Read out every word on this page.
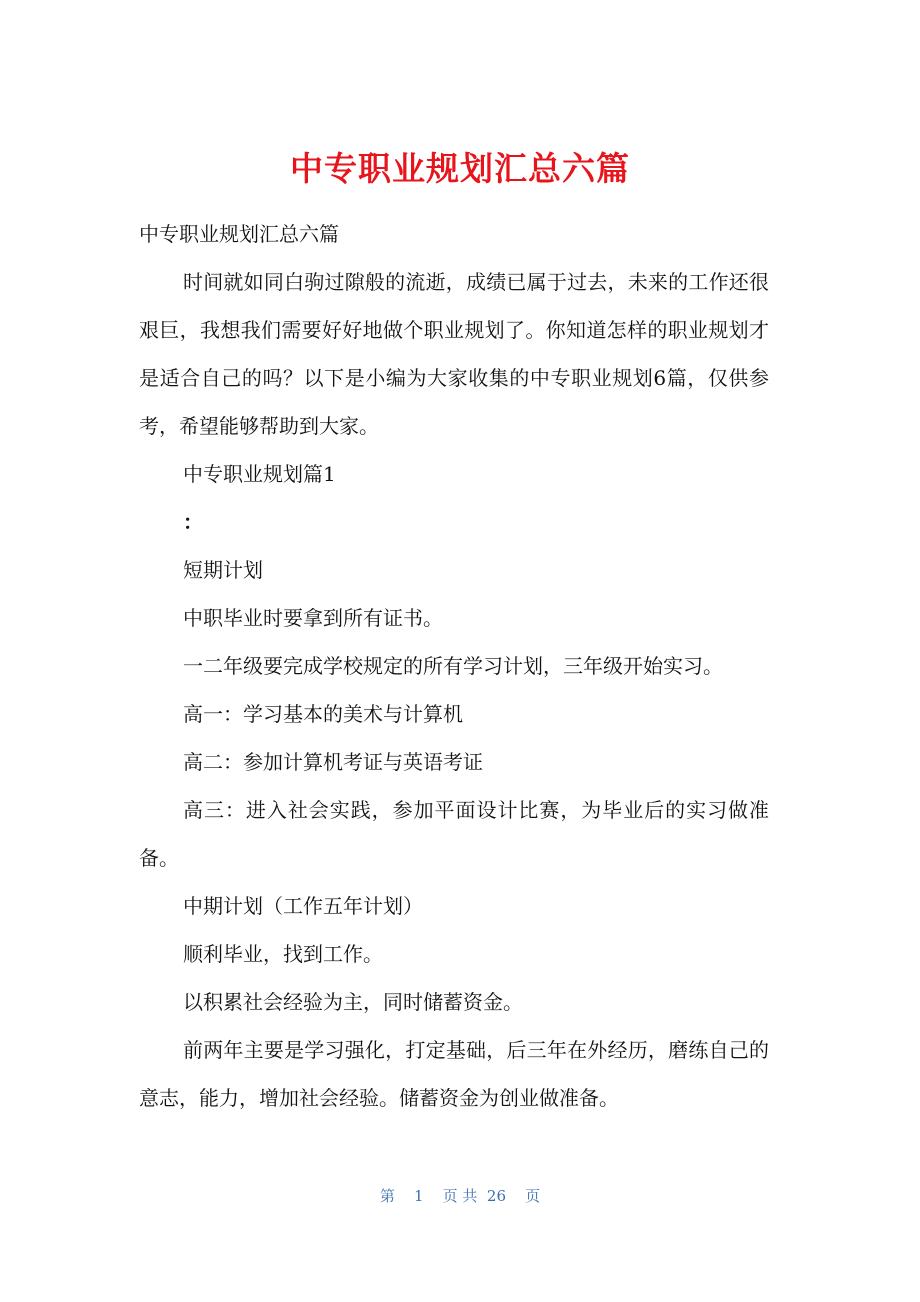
中专职业规划汇总六篇

中专职业规划汇总六篇

时间就如同白驹过隙般的流逝，成绩已属于过去，未来的工作还很艰巨，我想我们需要好好地做个职业规划了。你知道怎样的职业规划才是适合自己的吗？以下是小编为大家收集的中专职业规划6篇，仅供参考，希望能够帮助到大家。

中专职业规划篇1

：

短期计划

中职毕业时要拿到所有证书。

一二年级要完成学校规定的所有学习计划，三年级开始实习。

高一：学习基本的美术与计算机

高二：参加计算机考证与英语考证

高三：进入社会实践，参加平面设计比赛，为毕业后的实习做准备。

中期计划（工作五年计划）

顺利毕业，找到工作。

以积累社会经验为主，同时储蓄资金。

前两年主要是学习强化，打定基础，后三年在外经历，磨练自己的意志，能力，增加社会经验。储蓄资金为创业做准备。

第 1 页 共 26 页
